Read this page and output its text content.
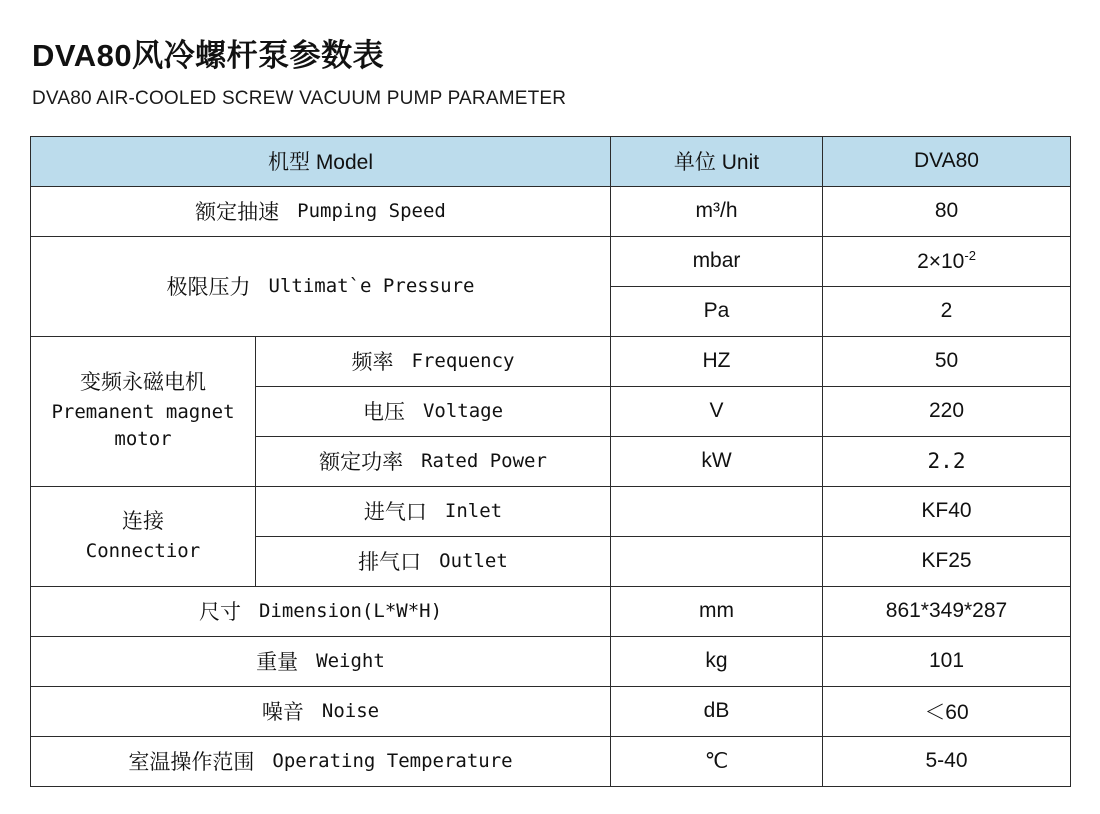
DVA80风冷螺杆泵参数表
DVA80 AIR-COOLED SCREW VACUUM PUMP PARAMETER
机型 Model		单位 Unit	DVA80

额定抽速 Pumping Speed		m³/h	80

极限压力 Ultimat`e Pressure		mbar	$2\times 10^{-2}$
		Pa	2

变频永磁电机
Premanent magnet
motor	频率 Frequency	HZ	50

	电压 Voltage	V	220

	额定功率 Rated Power	kW	2.2

连接
Connectior	进气口 Inlet		KF40

	排气口 Outlet		KF25

尺寸 Dimension(L*W*H)		mm	861*349*287

重量 Weight		kg	101

噪音 Noise		dB	＜60

室温操作范围 Operating Temperature		℃	5-40
